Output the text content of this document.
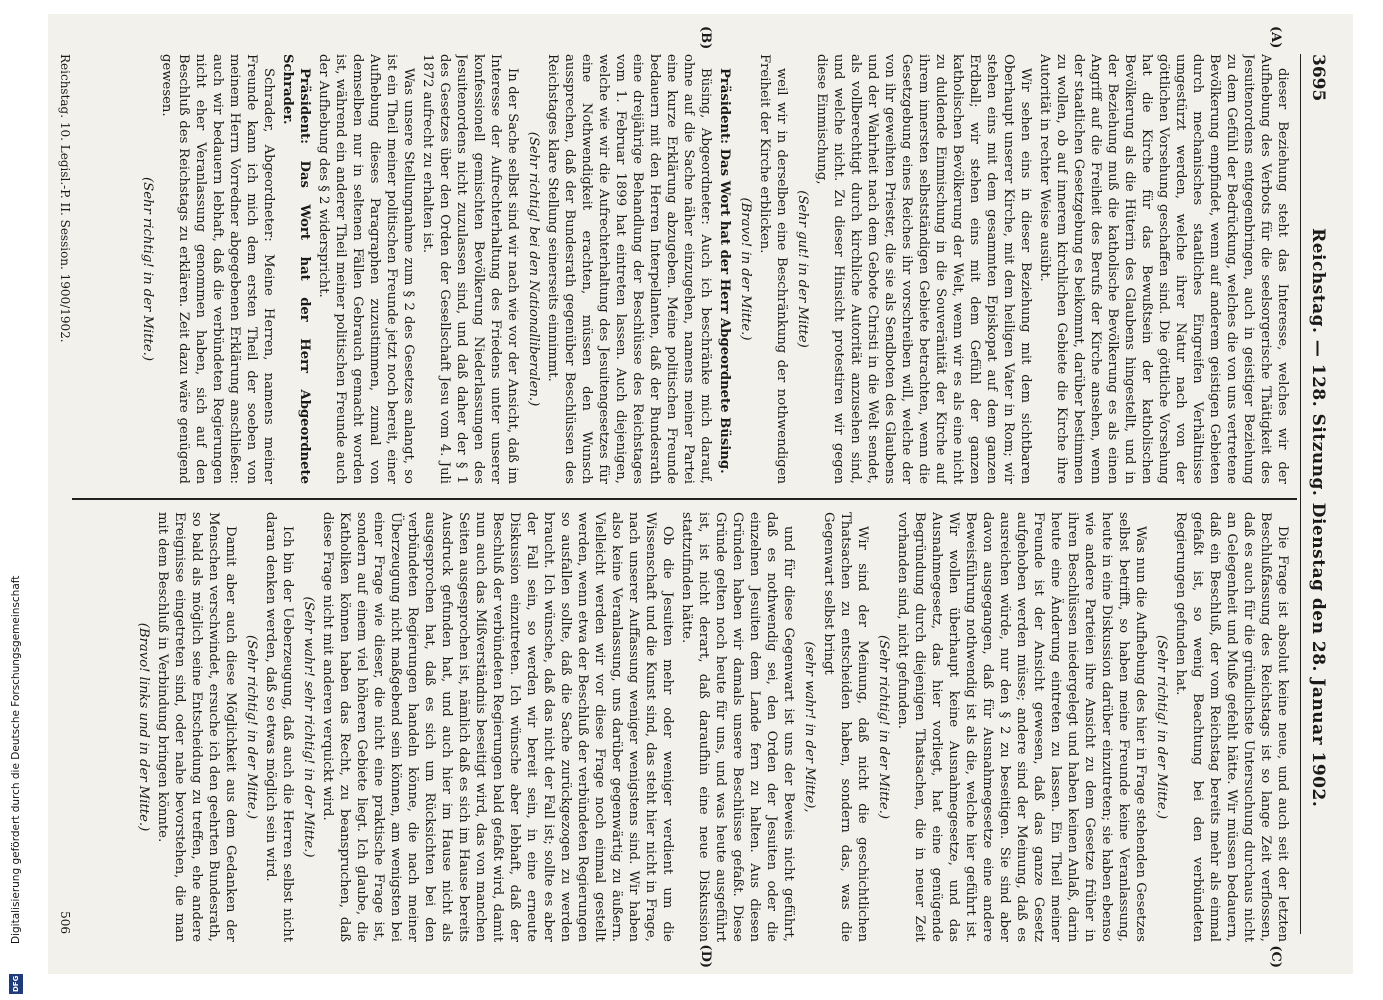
Digitalisierung gefördert durch die Deutsche Forschungsgemeinschaft
DFG
3695
Reichstag. — 128. Sitzung. Dienstag den 28. Januar 1902.
(A)
(B)
(C)
(D)

dieser Beziehung steht das Interesse, welches wir der Aufhebung des Verbots für die seelsorgerische Thätigkeit des Jesuitenordens entgegenbringen, auch in geistiger Beziehung zu dem Gefühl der Bedrückung, welches die von uns vertretene Bevölkerung empfindet, wenn auf anderem geistigen Gebieten durch mechanisches staatliches Eingreifen Verhältnisse umgestürzt werden, welche ihrer Natur nach von der göttlichen Vorsehung geschaffen sind. Die göttliche Vorsehung hat die Kirche für das Bewußtsein der katholischen Bevölkerung als die Hüterin des Glaubens hingestellt, und in der Beziehung muß die katholische Bevölkerung es als einen Angriff auf die Freiheit des Berufs der Kirche ansehen, wenn der staatlichen Gesetzgebung es beikommt, darüber bestimmen zu wollen, ob auf innerem kirchlichen Gebiete die Kirche ihre Autorität in rechter Weise ausübt.

Wir sehen eins in dieser Beziehung mit dem sichtbaren Oberhaupt unserer Kirche, mit dem heiligen Vater in Rom; wir stehen eins mit dem gesammten Episkopat auf dem ganzen Erdball; wir stehen eins mit dem Gefühl der ganzen katholischen Bevölkerung der Welt, wenn wir es als eine nicht zu duldende Einmischung in die Souveränität der Kirche auf ihrem innersten selbstständigen Gebiete betrachten, wenn die Gesetzgebung eines Reiches ihr vorschreiben will, welche der von ihr geweihten Priester, die sie als Sendboten des Glaubens und der Wahrheit nach dem Gebote Christi in die Welt sendet, als vollberechtigt durch kirchliche Autorität anzusehen sind, und welche nicht. Zu dieser Hinsicht protestiren wir gegen diese Einmischung,

(Sehr gut! in der Mitte)

weil wir in derselben eine Beschränkung der nothwendigen Freiheit der Kirche erblicken.

(Bravo! in der Mitte.)

Präsident: Das Wort hat der Herr Abgeordnete Büsing.

Büsing, Abgeordneter: Auch ich beschränke mich darauf, ohne auf die Sache näher einzugehen, namens meiner Partei eine kurze Erklärung abzugeben. Meine politischen Freunde bedauern mit den Herren Interpellanten, daß der Bundesrath eine dreijährige Behandlung der Beschlüsse des Reichstages vom 1. Februar 1899 hat eintreten lassen. Auch diejenigen, welche wie wir die Aufrechterhaltung des Jesuitengesetzes für eine Nothwendigkeit erachten, müssen den Wunsch aussprechen, daß der Bundesrath gegenüber Beschlüssen des Reichstages klare Stellung seinerseits einnimmt.

(Sehr richtig! bei den Nationalliberalen.)

In der Sache selbst sind wir nach wie vor der Ansicht, daß im Interesse der Aufrechterhaltung des Friedens unter unserer konfessionell gemischten Bevölkerung Niederlassungen des Jesuitenordens nicht zuzulassen sind, und daß daher der § 1 des Gesetzes über den Orden der Gesellschaft Jesu vom 4. Juli 1872 aufrecht zu erhalten ist.

Was unsere Stellungnahme zum § 2 des Gesetzes anlangt, so ist ein Theil meiner politischen Freunde jetzt noch bereit, einer Aufhebung dieses Paragraphen zuzustimmen, zumal von demselben nur in seltenen Fällen Gebrauch gemacht worden ist, während ein anderer Theil meiner politischen Freunde auch der Aufhebung des § 2 widerspricht.

Präsident: Das Wort hat der Herr Abgeordnete Schrader.

Schrader, Abgeordneter: Meine Herren, namens meiner Freunde kann ich mich dem ersten Theil der soeben von meinem Herrn Vorredner abgegebenen Erklärung anschließen: auch wir bedauern lebhaft, daß die verbündeten Regierungen nicht eher Veranlassung genommen haben, sich auf den Beschluß des Reichstags zu erklären. Zeit dazu wäre genügend gewesen.

(Sehr richtig! in der Mitte.)

Die Frage ist absolut keine neue, und auch seit der letzten Beschlußfassung des Reichstags ist so lange Zeit verflossen, daß es auch für die gründlichste Untersuchung durchaus nicht an Gelegenheit und Muße gefehlt hätte. Wir müssen bedauern, daß ein Beschluß, der vom Reichstag bereits mehr als einmal gefaßt ist, so wenig Beachtung bei den verbündeten Regierungen gefunden hat.

(Sehr richtig! in der Mitte.)

Was nun die Aufhebung des hier in Frage stehenden Gesetzes selbst betrifft, so haben meine Freunde keine Veranlassung, heute in eine Diskussion darüber einzutreten; sie haben ebenso wie andere Parteien ihre Ansicht zu dem Gesetze früher in ihren Beschlüssen niedergelegt und haben keinen Anlaß, darin heute eine Änderung eintreten zu lassen. Ein Theil meiner Freunde ist der Ansicht gewesen, daß das ganze Gesetz aufgehoben werden müsse; andere sind der Meinung, daß es ausreichen würde, nur den § 2 zu beseitigen. Sie sind aber davon ausgegangen, daß für Ausnahmegesetze eine andere Beweisführung nothwendig ist als die, welche hier geführt ist. Wir wollen überhaupt keine Ausnahmegesetze, und das Ausnahmegesetz, das hier vorliegt, hat eine genügende Begründung durch diejenigen Thatsachen, die in neuer Zeit vorhanden sind, nicht gefunden.

(Sehr richtig! in der Mitte.)

Wir sind der Meinung, daß nicht die geschichtlichen Thatsachen zu entscheiden haben, sondern das, was die Gegenwart selbst bringt

(sehr wahr! in der Mitte),

und für diese Gegenwart ist uns der Beweis nicht geführt, daß es nothwendig sei, den Orden der Jesuiten oder die einzelnen Jesuiten dem Lande fern zu halten. Aus diesen Gründen haben wir damals unsere Beschlüsse gefaßt. Diese Gründe gelten noch heute für uns, und was heute ausgeführt ist, ist nicht derart, daß daraufhin eine neue Diskussion stattzufinden hätte.

Ob die Jesuiten mehr oder weniger verdient um die Wissenschaft und die Kunst sind, das steht hier nicht in Frage, nach unserer Auffassung weniger wenigstens sind. Wir haben also keine Veranlassung, uns darüber gegenwärtig zu äußern. Vielleicht werden wir vor diese Frage noch einmal gestellt werden, wenn etwa der Beschluß der verbündeten Regierungen so ausfallen sollte, daß die Sache zurückgezogen zu werden braucht. Ich wünsche, daß das nicht der Fall ist; sollte es aber der Fall sein, so werden wir bereit sein, in eine erneute Diskussion einzutreten. Ich wünsche aber lebhaft, daß der Beschluß der verbündeten Regierungen bald gefaßt wird, damit nun auch das Mißverständnis beseitigt wird, das von manchen Seiten ausgesprochen ist, nämlich daß es sich im Hause bereits Ausdruck gefunden hat, und auch hier im Hause nicht als ausgesprochen hat, daß es sich um Rücksichten bei den verbündeten Regierungen handeln könne, die nach meiner Überzeugung nicht maßgebend sein können, am wenigsten bei einer Frage wie dieser, die nicht eine praktische Frage ist, sondern auf einem viel höheren Gebiete liegt. Ich glaube, die Katholiken können haben das Recht, zu beanspruchen, daß diese Frage nicht mit anderen verquickt wird.

(Sehr wahr! sehr richtig! in der Mitte.)

Ich bin der Ueberzeugung, daß auch die Herren selbst nicht daran denken werden, daß so etwas möglich sein wird.

(Sehr richtig! in der Mitte.)

Damit aber auch diese Möglichkeit aus dem Gedanken der Menschen verschwindet, ersuche ich den geehrten Bundesrath, so bald als möglich seine Entscheidung zu treffen, ehe andere Ereignisse eingetreten sind, oder nahe bevorstehen, die man mit dem Beschluß in Verbindung bringen könnte.

(Bravo! links und in der Mitte.)

Reichstag. 10. Legisl.-P. II. Session. 1900/1902.
506
